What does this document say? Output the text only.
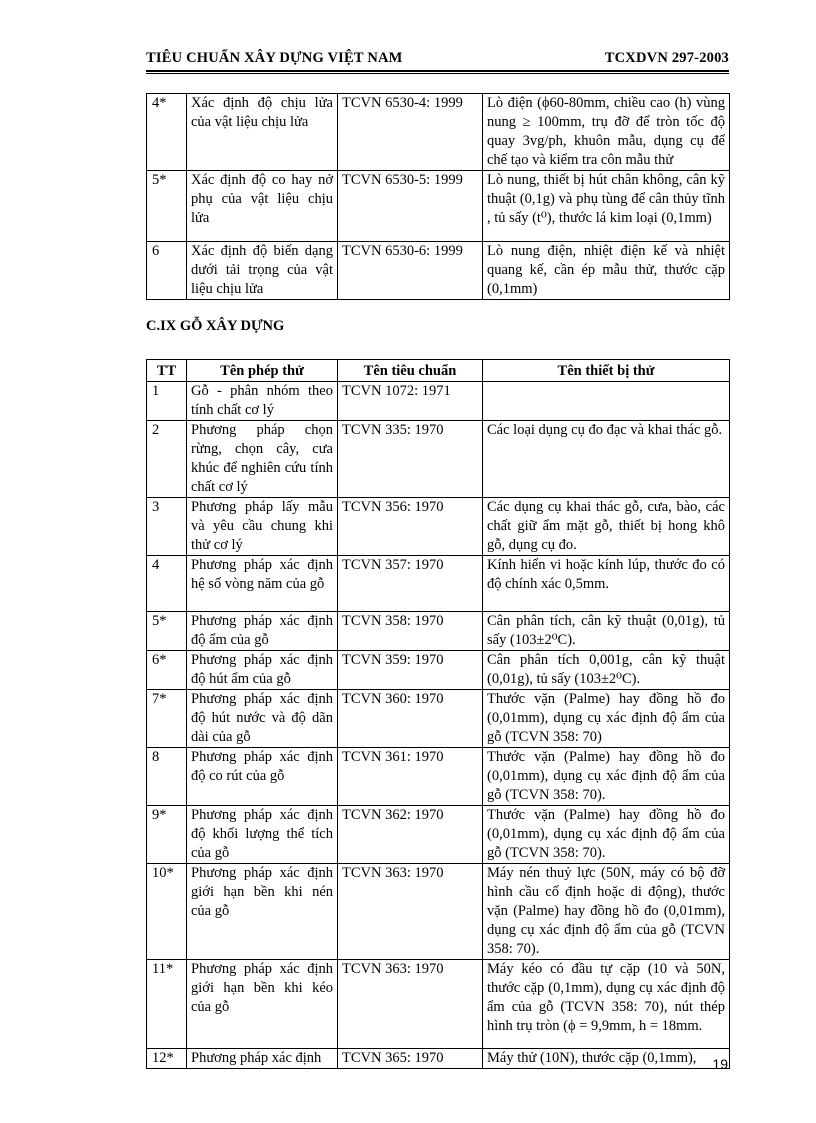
TIÊU CHUẨN XÂY DỰNG VIỆT NAM	TCXDVN 297-2003
4*	Xác định độ chịu lửa của vật liệu chịu lửa	TCVN 6530-4: 1999	Lò điện (ϕ60-80mm, chiều cao (h) vùng nung ≥ 100mm, trụ đỡ đế tròn tốc độ quay 3vg/ph, khuôn mẫu, dụng cụ để chế tạo và kiểm tra côn mẫu thử
5*	Xác định độ co hay nở phụ của vật liệu chịu lửa	TCVN 6530-5: 1999	Lò nung, thiết bị hút chân không, cân kỹ thuật (0,1g) và phụ tùng để cân thủy tĩnh , tủ sấy (t⁰), thước lá kim loại (0,1mm)
6	Xác định độ biến dạng dưới tải trọng của vật liệu chịu lửa	TCVN 6530-6: 1999	Lò nung điện, nhiệt điện kế và nhiệt quang kế, cần ép mẫu thử, thước cặp (0,1mm)
C.IX GỖ XÂY DỰNG
TT	Tên phép thử	Tên tiêu chuẩn	Tên thiết bị thử
1	Gỗ - phân nhóm theo tính chất cơ lý	TCVN 1072: 1971	
2	Phương pháp chọn rừng, chọn cây, cưa khúc để nghiên cứu tính chất cơ lý	TCVN 335: 1970	Các loại dụng cụ đo đạc và khai thác gỗ.
3	Phương pháp lấy mẫu và yêu cầu chung khi thử cơ lý	TCVN 356: 1970	Các dụng cụ khai thác gỗ, cưa, bào, các chất giữ ẩm mặt gỗ, thiết bị hong khô gỗ, dụng cụ đo.
4	Phương pháp xác định hệ số vòng năm của gỗ	TCVN 357: 1970	Kính hiển vi hoặc kính lúp, thước đo có độ chính xác 0,5mm.
5*	Phương pháp xác định độ ẩm của gỗ	TCVN 358: 1970	Cân phân tích, cân kỹ thuật (0,01g), tủ sấy (103±2⁰C).
6*	Phương pháp xác định độ hút ẩm của gỗ	TCVN 359: 1970	Cân phân tích 0,001g, cân kỹ thuật (0,01g), tủ sấy (103±2⁰C).
7*	Phương pháp xác định độ hút nước và độ dãn dài của gỗ	TCVN 360: 1970	Thước vặn (Palme) hay đồng hồ đo (0,01mm), dụng cụ xác định độ ẩm của gỗ (TCVN 358: 70)
8	Phương pháp xác định độ co rút của gỗ	TCVN 361: 1970	Thước vặn (Palme) hay đồng hồ đo (0,01mm), dụng cụ xác định độ ẩm của gỗ (TCVN 358: 70).
9*	Phương pháp xác định độ khối lượng thể tích của gỗ	TCVN 362: 1970	Thước vặn (Palme) hay đồng hồ đo (0,01mm), dụng cụ xác định độ ẩm của gỗ (TCVN 358: 70).
10*	Phương pháp xác định giới hạn bền khi nén của gỗ	TCVN 363: 1970	Máy nén thuỷ lực (50N, máy có bộ đỡ hình cầu cố định hoặc di động), thước vặn (Palme) hay đồng hồ đo (0,01mm), dụng cụ xác định độ ẩm của gỗ (TCVN 358: 70).
11*	Phương pháp xác định giới hạn bền khi kéo của gỗ	TCVN 363: 1970	Máy kéo có đầu tự cặp (10 và 50N, thước cặp (0,1mm), dụng cụ xác định độ ẩm của gỗ (TCVN 358: 70), nút thép hình trụ tròn (ϕ = 9,9mm, h = 18mm.
12*	Phương pháp xác định	TCVN 365: 1970	Máy thử (10N), thước cặp (0,1mm), 19
